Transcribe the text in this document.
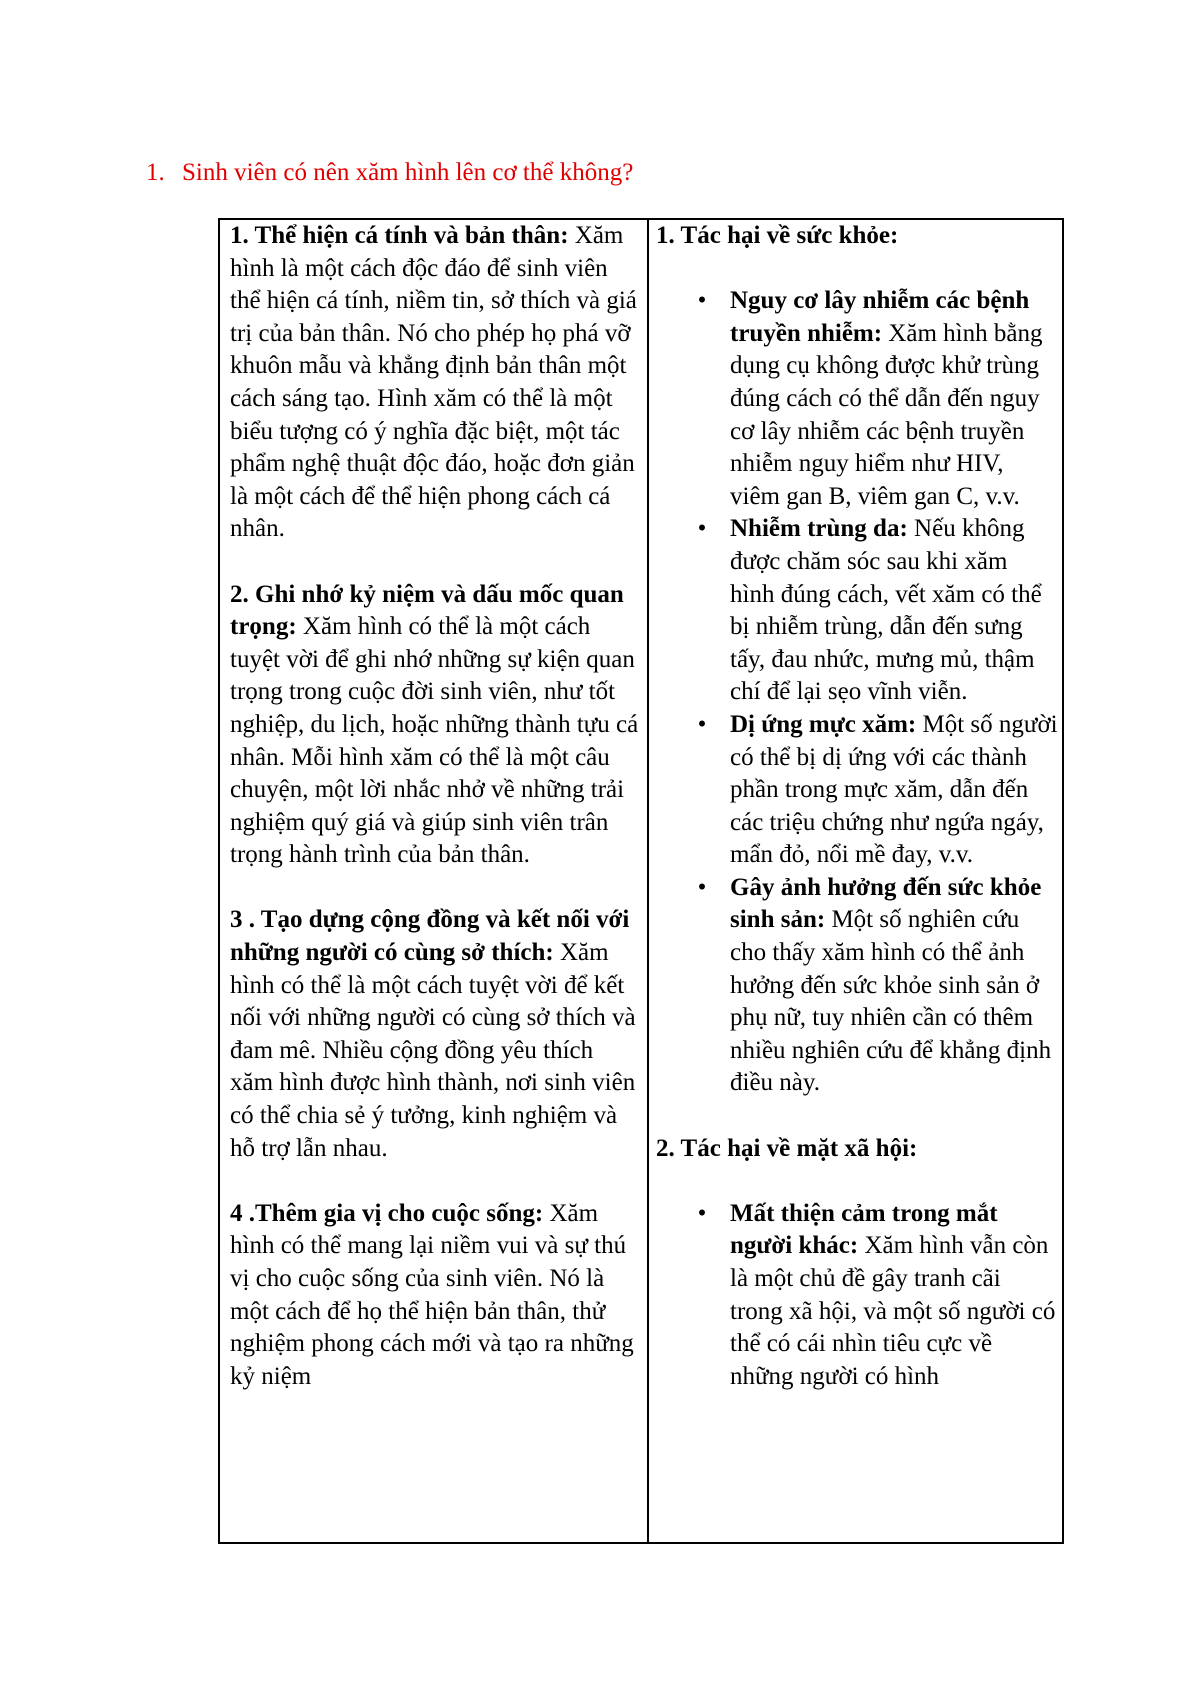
1. Sinh viên có nên xăm hình lên cơ thể không?
1. Thể hiện cá tính và bản thân: Xăm hình là một cách độc đáo để sinh viên thể hiện cá tính, niềm tin, sở thích và giá trị của bản thân. Nó cho phép họ phá vỡ khuôn mẫu và khẳng định bản thân một cách sáng tạo. Hình xăm có thể là một biểu tượng có ý nghĩa đặc biệt, một tác phẩm nghệ thuật độc đáo, hoặc đơn giản là một cách để thể hiện phong cách cá nhân.
2. Ghi nhớ kỷ niệm và dấu mốc quan trọng: Xăm hình có thể là một cách tuyệt vời để ghi nhớ những sự kiện quan trọng trong cuộc đời sinh viên, như tốt nghiệp, du lịch, hoặc những thành tựu cá nhân. Mỗi hình xăm có thể là một câu chuyện, một lời nhắc nhở về những trải nghiệm quý giá và giúp sinh viên trân trọng hành trình của bản thân.
3 . Tạo dựng cộng đồng và kết nối với những người có cùng sở thích: Xăm hình có thể là một cách tuyệt vời để kết nối với những người có cùng sở thích và đam mê. Nhiều cộng đồng yêu thích xăm hình được hình thành, nơi sinh viên có thể chia sẻ ý tưởng, kinh nghiệm và hỗ trợ lẫn nhau.
4 .Thêm gia vị cho cuộc sống: Xăm hình có thể mang lại niềm vui và sự thú vị cho cuộc sống của sinh viên. Nó là một cách để họ thể hiện bản thân, thử nghiệm phong cách mới và tạo ra những kỷ niệm
1. Tác hại về sức khỏe:
• Nguy cơ lây nhiễm các bệnh truyền nhiễm: Xăm hình bằng dụng cụ không được khử trùng đúng cách có thể dẫn đến nguy cơ lây nhiễm các bệnh truyền nhiễm nguy hiểm như HIV, viêm gan B, viêm gan C, v.v.
• Nhiễm trùng da: Nếu không được chăm sóc sau khi xăm hình đúng cách, vết xăm có thể bị nhiễm trùng, dẫn đến sưng tấy, đau nhức, mưng mủ, thậm chí để lại sẹo vĩnh viễn.
• Dị ứng mực xăm: Một số người có thể bị dị ứng với các thành phần trong mực xăm, dẫn đến các triệu chứng như ngứa ngáy, mẩn đỏ, nổi mề đay, v.v.
• Gây ảnh hưởng đến sức khỏe sinh sản: Một số nghiên cứu cho thấy xăm hình có thể ảnh hưởng đến sức khỏe sinh sản ở phụ nữ, tuy nhiên cần có thêm nhiều nghiên cứu để khẳng định điều này.
2. Tác hại về mặt xã hội:
• Mất thiện cảm trong mắt người khác: Xăm hình vẫn còn là một chủ đề gây tranh cãi trong xã hội, và một số người có thể có cái nhìn tiêu cực về những người có hình
